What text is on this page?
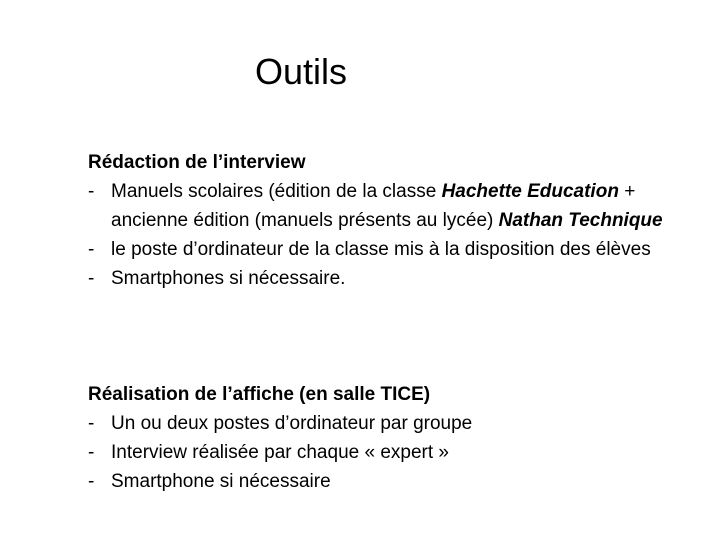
Outils
Rédaction de l’interview
- Manuels scolaires (édition de la classe Hachette Education + ancienne édition (manuels présents au lycée) Nathan Technique
- le poste d’ordinateur de la classe mis à la disposition des élèves
- Smartphones si nécessaire.
Réalisation de l’affiche (en salle TICE)
- Un ou deux postes d’ordinateur par groupe
- Interview réalisée par chaque « expert »
- Smartphone si nécessaire
